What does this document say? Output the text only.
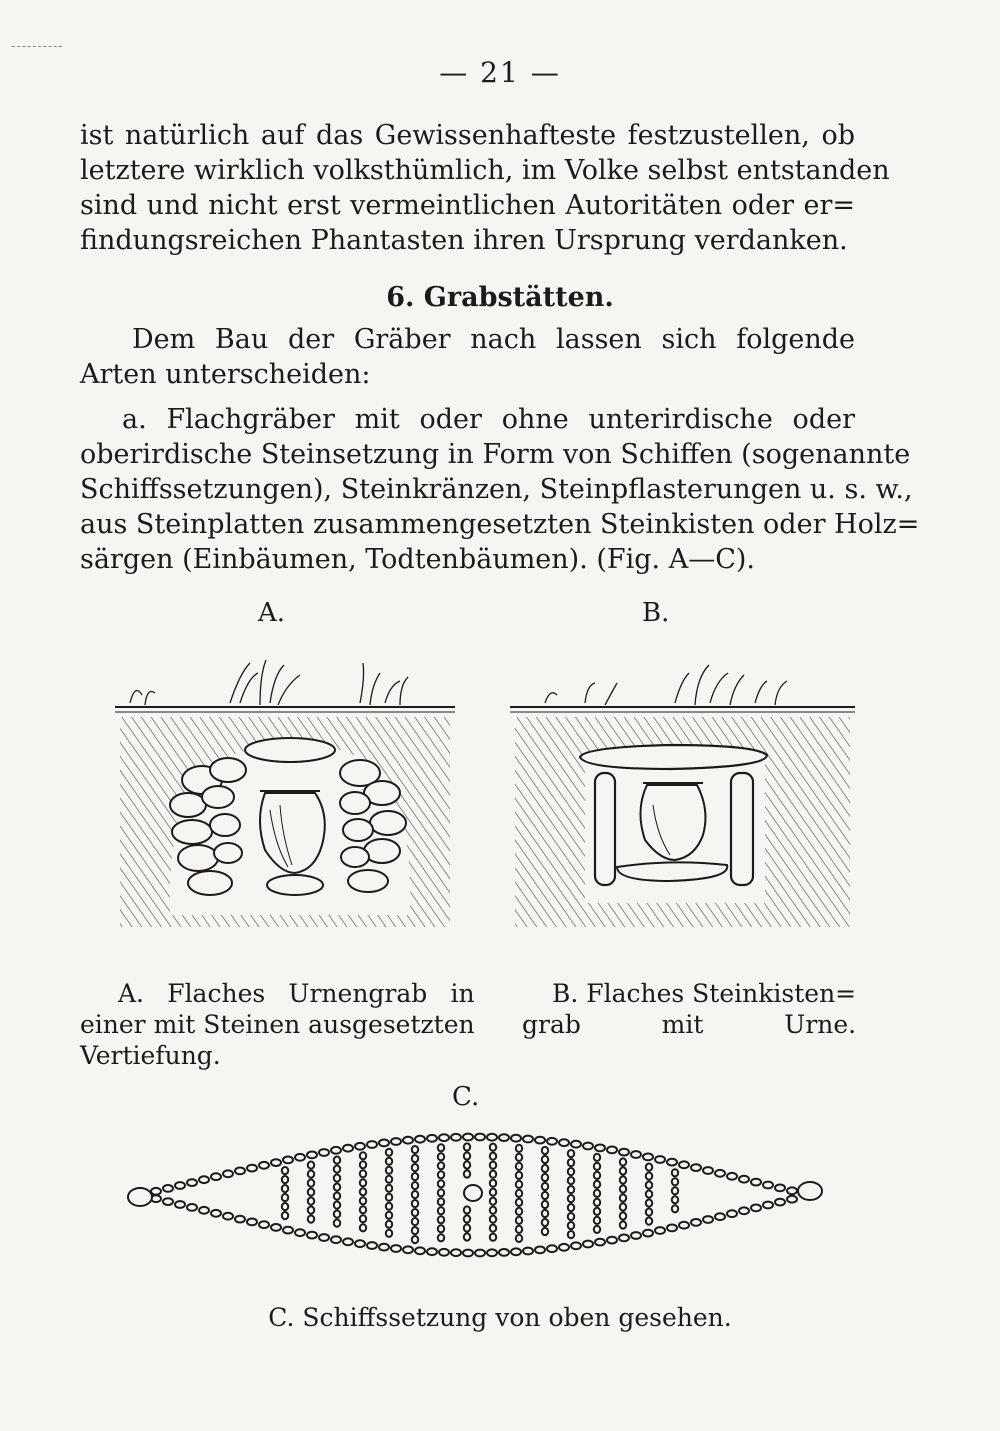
— 21 —
ist natürlich auf das Gewissenhafteste festzustellen, ob
letztere wirklich volksthümlich, im Volke selbst entstanden
sind und nicht erst vermeintlichen Autoritäten oder er=
findungsreichen Phantasten ihren Ursprung verdanken.
6. Grabstätten.
Dem Bau der Gräber nach lassen sich folgende
Arten unterscheiden:
a. Flachgräber mit oder ohne unterirdische oder
oberirdische Steinsetzung in Form von Schiffen (sogenannte
Schiffssetzungen), Steinkränzen, Steinpflasterungen u. s. w.,
aus Steinplatten zusammengesetzten Steinkisten oder Holz=
särgen (Einbäumen, Todtenbäumen). (Fig. A—C).
A.	B.
A. Flaches Urnengrab in
einer mit Steinen ausgesetzten
Vertiefung.
B. Flaches Steinkisten=
grab mit Urne.
C.
C. Schiffssetzung von oben gesehen.
